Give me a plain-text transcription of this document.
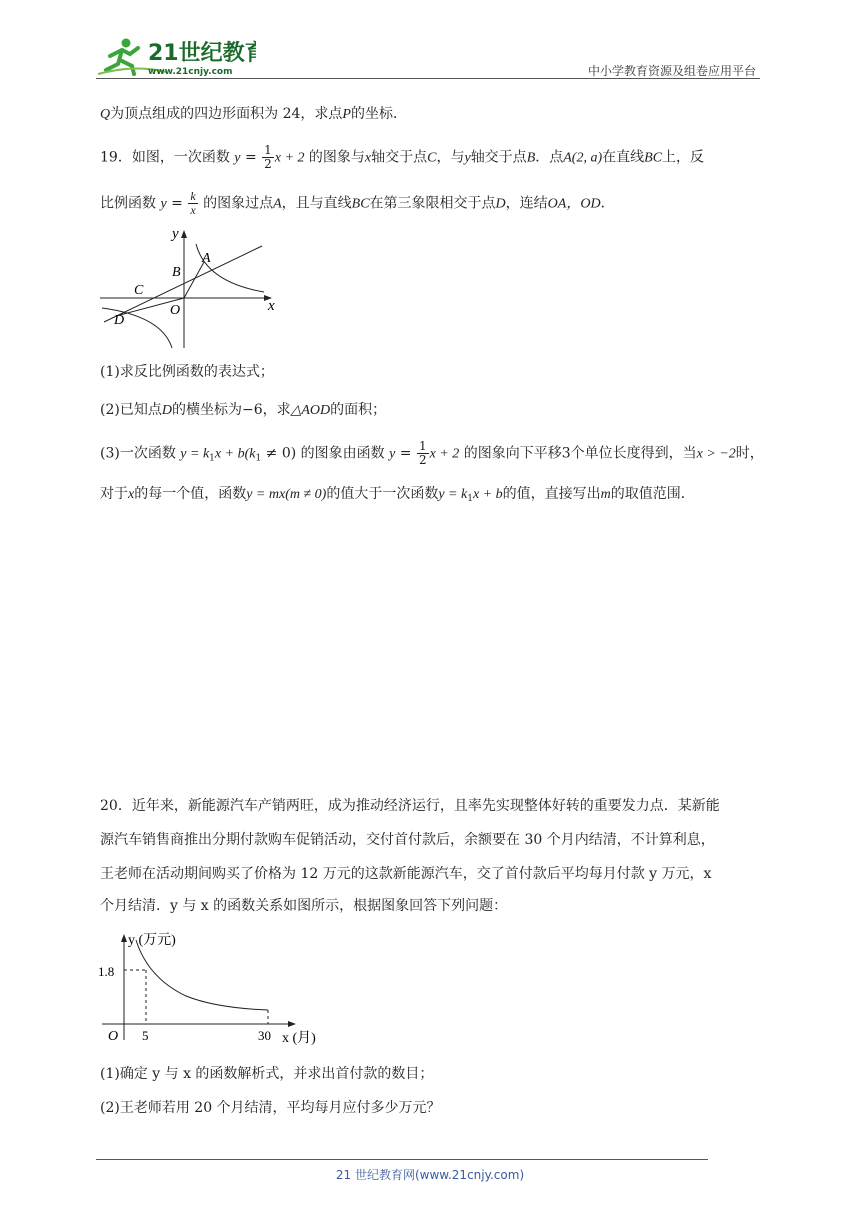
21世纪教育
www.21cnjy.com	中小学教育资源及组卷应用平台
Q为顶点组成的四边形面积为 24，求点P的坐标．
19．如图，一次函数 $y = \frac{1}{2}$ x + 2 的图象与x轴交于点C，与y轴交于点B．点A(2, a)在直线BC上，反
比例函数 $y = \frac{k}{x}$ 的图象过点A，且与直线BC在第三象限相交于点D，连结OA，OD．
y
x
A
B
C
O
D
(1)求反比例函数的表达式；
(2)已知点D的横坐标为−6，求△AOD的面积；
(3)一次函数 $y = k_1x + b(k_1 \ne 0)$ 的图象由函数 $y = \frac{1}{2}$ x + 2 的图象向下平移3个单位长度得到，当x > −2时，
对于x的每一个值，函数y = mx(m ≠ 0)的值大于一次函数$y = k_1x + b$的值，直接写出m的取值范围．
20．近年来，新能源汽车产销两旺，成为推动经济运行，且率先实现整体好转的重要发力点．某新能
源汽车销售商推出分期付款购车促销活动，交付首付款后，余额要在 30 个月内结清，不计算利息，
王老师在活动期间购买了价格为 12 万元的这款新能源汽车，交了首付款后平均每月付款 y 万元，x
个月结清．y 与 x 的函数关系如图所示，根据图象回答下列问题：
y (万元)
x (月)
1.8
O 5	30
(1)确定 y 与 x 的函数解析式，并求出首付款的数目；
(2)王老师若用 20 个月结清，平均每月应付多少万元？
21 世纪教育网(www.21cnjy.com)
